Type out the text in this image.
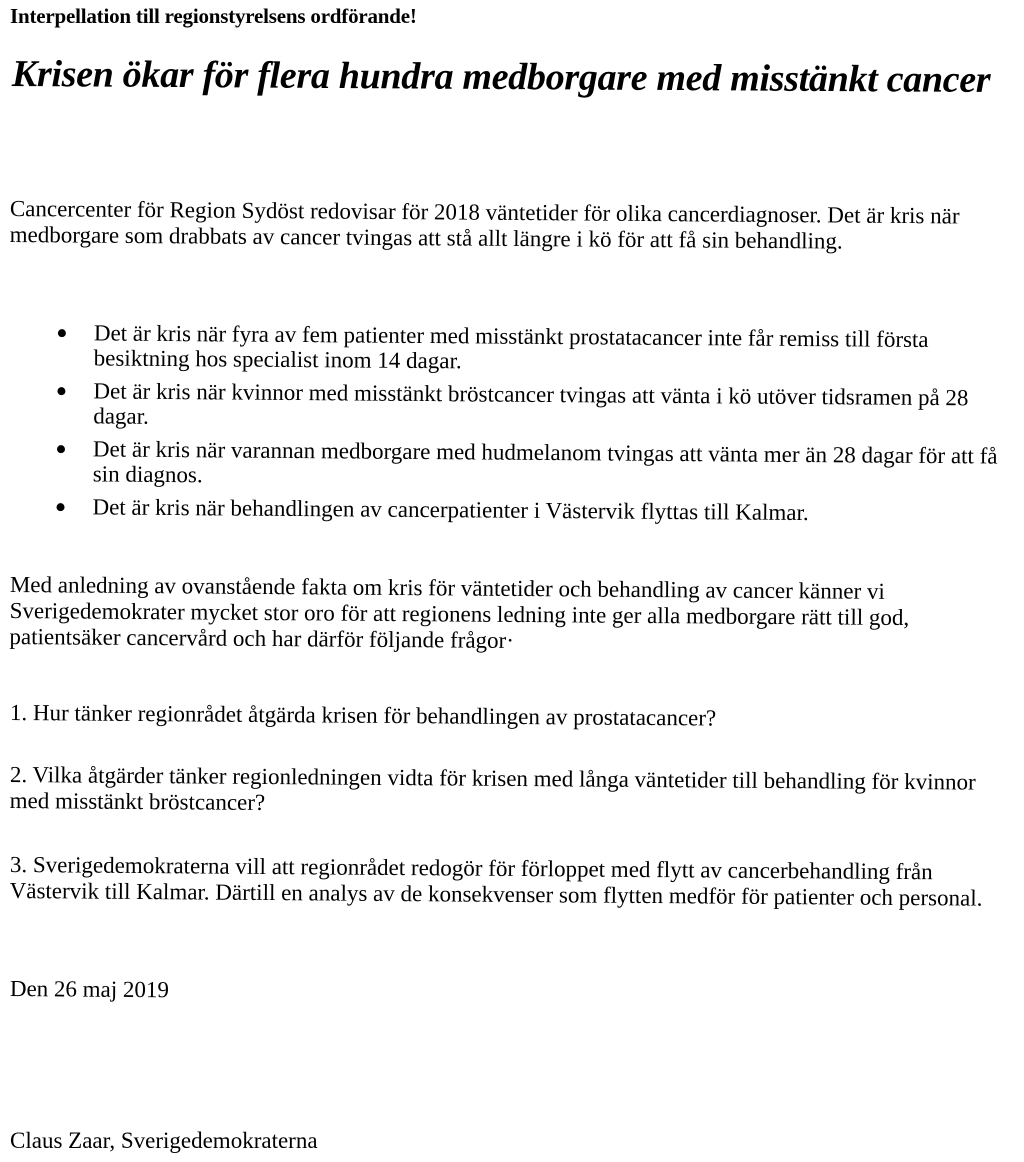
Interpellation till regionstyrelsens ordförande!
Krisen ökar för flera hundra medborgare med misstänkt cancer
Cancercenter för Region Sydöst redovisar för 2018 väntetider för olika cancerdiagnoser. Det är kris när medborgare som drabbats av cancer tvingas att stå allt längre i kö för att få sin behandling.
Det är kris när fyra av fem patienter med misstänkt prostatacancer inte får remiss till första besiktning hos specialist inom 14 dagar.
Det är kris när kvinnor med misstänkt bröstcancer tvingas att vänta i kö utöver tidsramen på 28 dagar.
Det är kris när varannan medborgare med hudmelanom tvingas att vänta mer än 28 dagar för att få sin diagnos.
Det är kris när behandlingen av cancerpatienter i Västervik flyttas till Kalmar.
Med anledning av ovanstående fakta om kris för väntetider och behandling av cancer känner vi Sverigedemokrater mycket stor oro för att regionens ledning inte ger alla medborgare rätt till god, patientsäker cancervård och har därför följande frågor·
1. Hur tänker regionrådet åtgärda krisen för behandlingen av prostatacancer?
2. Vilka åtgärder tänker regionledningen vidta för krisen med långa väntetider till behandling för kvinnor med misstänkt bröstcancer?
3. Sverigedemokraterna vill att regionrådet redogör för förloppet med flytt av cancerbehandling från Västervik till Kalmar. Därtill en analys av de konsekvenser som flytten medför för patienter och personal.
Den 26 maj 2019
Claus Zaar, Sverigedemokraterna
